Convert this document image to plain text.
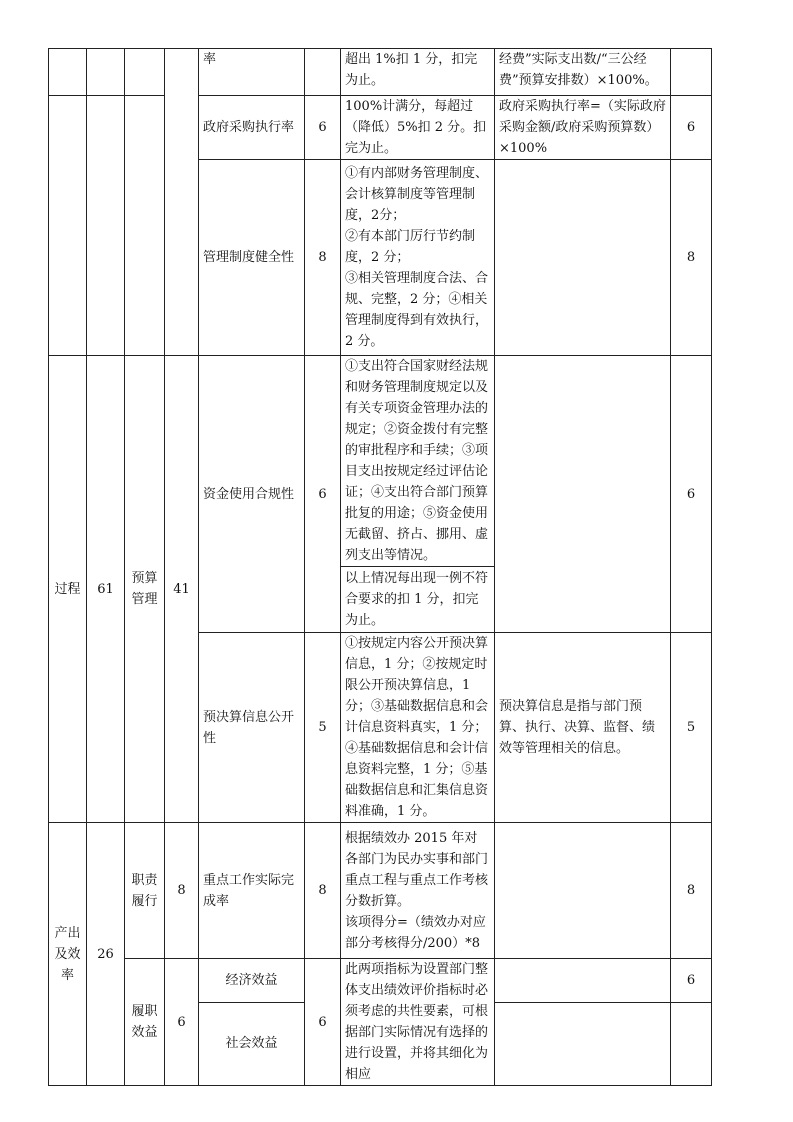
				率		超出 1%扣 1 分，扣完为止。	经费”实际支出数/“三公经费”预算安排数）×100%。	
				政府采购执行率	6	100%计满分，每超过（降低）5%扣 2 分。扣完为止。	政府采购执行率=（实际政府采购金额/政府采购预算数）×100%	6
				管理制度健全性	8	①有内部财务管理制度、会计核算制度等管理制度，2分；
②有本部门厉行节约制度，2 分；
③相关管理制度合法、合规、完整，2 分；④相关管理制度得到有效执行，2 分。		8
过程	61	预算管理	41	资金使用合规性	6	①支出符合国家财经法规和财务管理制度规定以及有关专项资金管理办法的规定；②资金拨付有完整的审批程序和手续；③项目支出按规定经过评估论证；④支出符合部门预算批复的用途；⑤资金使用无截留、挤占、挪用、虚列支出等情况。		6
						以上情况每出现一例不符合要求的扣 1 分，扣完为止。		
				预决算信息公开性	5	①按规定内容公开预决算信息，1 分；②按规定时限公开预决算信息，1 分；③基础数据信息和会计信息资料真实，1 分；④基础数据信息和会计信息资料完整，1 分；⑤基础数据信息和汇集信息资料准确，1 分。	预决算信息是指与部门预算、执行、决算、监督、绩效等管理相关的信息。	5
产出及效率	26	职责履行	8	重点工作实际完成率	8	根据绩效办 2015 年对各部门为民办实事和部门重点工程与重点工作考核分数折算。
该项得分=（绩效办对应部分考核得分/200）*8		8
		履职效益	6	经济效益	6	此两项指标为设置部门整体支出绩效评价指标时必须考虑的共性要素，可根据部门实际情况有选择的进行设置，并将其细化为相应		6
				社会效益				
